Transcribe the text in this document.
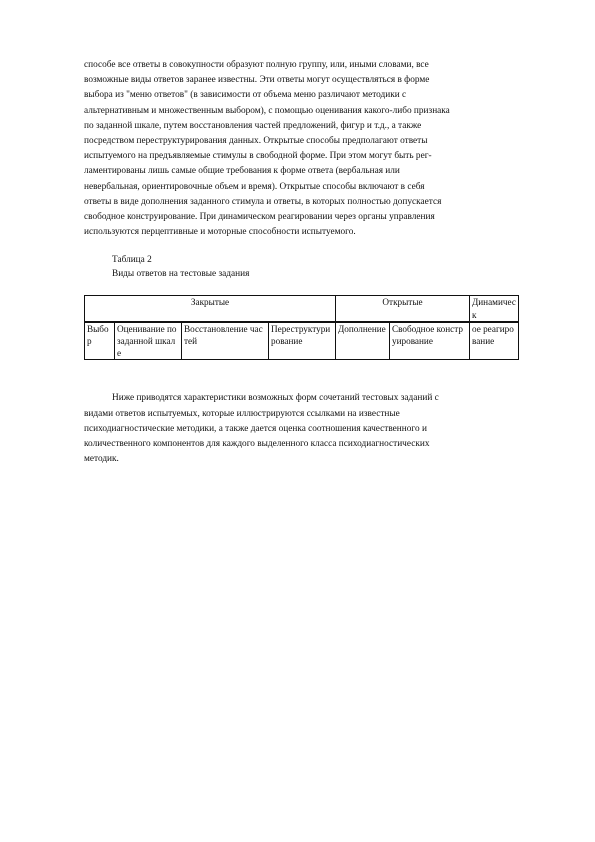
способе все ответы в совокупности образуют полную группу, или, иными словами, все
возможные виды ответов заранее известны. Эти ответы могут осуществляться в форме
выбора из "меню ответов" (в зависимости от объема меню различают методики с
альтернативным и множественным выбором), с помощью оценивания какого-либо признака
по заданной шкале, путем восстановления частей предложений, фигур и т.д., а также
посредством переструктурирования данных. Открытые способы предполагают ответы
испытуемого на предъявляемые стимулы в свободной форме. При этом могут быть рег-
ламентированы лишь самые общие требования к форме ответа (вербальная или
невербальная, ориентировочные объем и время). Открытые способы включают в себя
ответы в виде дополнения заданного стимула и ответы, в которых полностью допускается
свободное конструирование. При динамическом реагировании через органы управления
используются перцептивные и моторные способности испытуемого.
Таблица 2
Виды ответов на тестовые задания
Закрытые				Открытые		Динамическ
Выбор	Оценивание по заданной шкале	Восстановление частей	Переструктурирование	Дополнение	Свободное конструирование	ое реагирование
Ниже приводятся характеристики возможных форм сочетаний тестовых заданий с
видами ответов испытуемых, которые иллюстрируются ссылками на известные
психодиагностические методики, а также дается оценка соотношения качественного и
количественного компонентов для каждого выделенного класса психодиагностических
методик.
